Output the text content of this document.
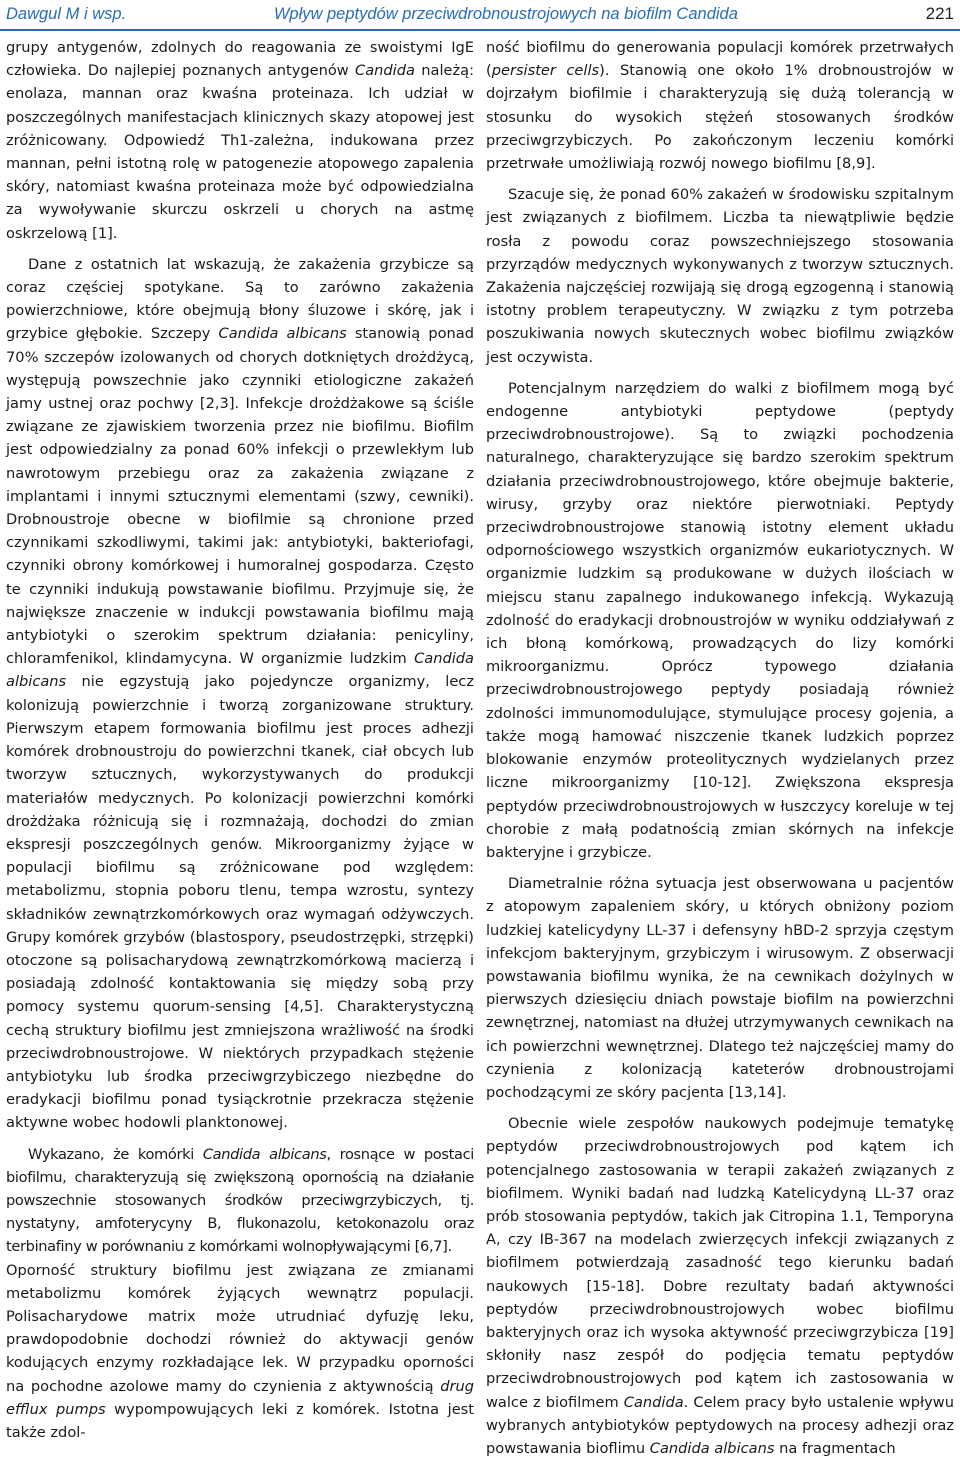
Dawgul M i wsp.	Wpływ peptydów przeciwdrobnoustrojowych na biofilm Candida	221

grupy antygenów, zdolnych do reagowania ze swoistymi IgE człowieka. Do najlepiej poznanych antygenów Candida należą: enolaza, mannan oraz kwaśna proteinaza. Ich udział w poszczególnych manifestacjach klinicznych skazy atopowej jest zróżnicowany. Odpowiedź Th1-zależna, indukowana przez mannan, pełni istotną rolę w patogenezie atopowego zapalenia skóry, natomiast kwaśna proteinaza może być odpowiedzialna za wywoływanie skurczu oskrzeli u chorych na astmę oskrzelową [1].

Dane z ostatnich lat wskazują, że zakażenia grzybicze są coraz częściej spotykane. Są to zarówno zakażenia powierzchniowe, które obejmują błony śluzowe i skórę, jak i grzybice głębokie. Szczepy Candida albicans stanowią ponad 70% szczepów izolowanych od chorych dotkniętych drożdżycą, występują powszechnie jako czynniki etiologiczne zakażeń jamy ustnej oraz pochwy [2,3]. Infekcje drożdżakowe są ściśle związane ze zjawiskiem tworzenia przez nie biofilmu. Biofilm jest odpowiedzialny za ponad 60% infekcji o przewlekłym lub nawrotowym przebiegu oraz za zakażenia związane z implantami i innymi sztucznymi elementami (szwy, cewniki). Drobnoustroje obecne w biofilmie są chronione przed czynnikami szkodliwymi, takimi jak: antybiotyki, bakteriofagi, czynniki obrony komórkowej i humoralnej gospodarza. Często te czynniki indukują powstawanie biofilmu. Przyjmuje się, że największe znaczenie w indukcji powstawania biofilmu mają antybiotyki o szerokim spektrum działania: penicyliny, chloramfenikol, klindamycyna. W organizmie ludzkim Candida albicans nie egzystują jako pojedyncze organizmy, lecz kolonizują powierzchnie i tworzą zorganizowane struktury. Pierwszym etapem formowania biofilmu jest proces adhezji komórek drobnoustroju do powierzchni tkanek, ciał obcych lub tworzyw sztucznych, wykorzystywanych do produkcji materiałów medycznych. Po kolonizacji powierzchni komórki drożdżaka różnicują się i rozmnażają, dochodzi do zmian ekspresji poszczególnych genów. Mikroorganizmy żyjące w populacji biofilmu są zróżnicowane pod względem: metabolizmu, stopnia poboru tlenu, tempa wzrostu, syntezy składników zewnątrzkomórkowych oraz wymagań odżywczych. Grupy komórek grzybów (blastospory, pseudostrzępki, strzępki) otoczone są polisacharydową zewnątrzkomórkową macierzą i posiadają zdolność kontaktowania się między sobą przy pomocy systemu quorum-sensing [4,5]. Charakterystyczną cechą struktury biofilmu jest zmniejszona wrażliwość na środki przeciwdrobnoustrojowe. W niektórych przypadkach stężenie antybiotyku lub środka przeciwgrzybiczego niezbędne do eradykacji biofilmu ponad tysiąckrotnie przekracza stężenie aktywne wobec hodowli planktonowej.

Wykazano, że komórki Candida albicans, rosnące w postaci biofilmu, charakteryzują się zwiększoną opornością na działanie powszechnie stosowanych środków przeciwgrzybiczych, tj. nystatyny, amfoterycyny B, flukonazolu, ketokonazolu oraz terbinafiny w porównaniu z komórkami wolnopływającymi [6,7].

Oporność struktury biofilmu jest związana ze zmianami metabolizmu komórek żyjących wewnątrz populacji. Polisacharydowe matrix może utrudniać dyfuzję leku, prawdopodobnie dochodzi również do aktywacji genów kodujących enzymy rozkładające lek. W przypadku oporności na pochodne azolowe mamy do czynienia z aktywnością drug efflux pumps wypompowujących leki z komórek. Istotna jest także zdol-

ność biofilmu do generowania populacji komórek przetrwałych (persister cells). Stanowią one około 1% drobnoustrojów w dojrzałym biofilmie i charakteryzują się dużą tolerancją w stosunku do wysokich stężeń stosowanych środków przeciwgrzybiczych. Po zakończonym leczeniu komórki przetrwałe umożliwiają rozwój nowego biofilmu [8,9].

Szacuje się, że ponad 60% zakażeń w środowisku szpitalnym jest związanych z biofilmem. Liczba ta niewątpliwie będzie rosła z powodu coraz powszechniejszego stosowania przyrządów medycznych wykonywanych z tworzyw sztucznych. Zakażenia najczęściej rozwijają się drogą egzogenną i stanowią istotny problem terapeutyczny. W związku z tym potrzeba poszukiwania nowych skutecznych wobec biofilmu związków jest oczywista.

Potencjalnym narzędziem do walki z biofilmem mogą być endogenne antybiotyki peptydowe (peptydy przeciwdrobnoustrojowe). Są to związki pochodzenia naturalnego, charakteryzujące się bardzo szerokim spektrum działania przeciwdrobnoustrojowego, które obejmuje bakterie, wirusy, grzyby oraz niektóre pierwotniaki. Peptydy przeciwdrobnoustrojowe stanowią istotny element układu odpornościowego wszystkich organizmów eukariotycznych. W organizmie ludzkim są produkowane w dużych ilościach w miejscu stanu zapalnego indukowanego infekcją. Wykazują zdolność do eradykacji drobnoustrojów w wyniku oddziaływań z ich błoną komórkową, prowadzących do lizy komórki mikroorganizmu. Oprócz typowego działania przeciwdrobnoustrojowego peptydy posiadają również zdolności immunomodulujące, stymulujące procesy gojenia, a także mogą hamować niszczenie tkanek ludzkich poprzez blokowanie enzymów proteolitycznych wydzielanych przez liczne mikroorganizmy [10-12]. Zwiększona ekspresja peptydów przeciwdrobnoustrojowych w łuszczycy koreluje w tej chorobie z małą podatnością zmian skórnych na infekcje bakteryjne i grzybicze.

Diametralnie różna sytuacja jest obserwowana u pacjentów z atopowym zapaleniem skóry, u których obniżony poziom ludzkiej katelicydyny LL-37 i defensyny hBD-2 sprzyja częstym infekcjom bakteryjnym, grzybiczym i wirusowym. Z obserwacji powstawania biofilmu wynika, że na cewnikach dożylnych w pierwszych dziesięciu dniach powstaje biofilm na powierzchni zewnętrznej, natomiast na dłużej utrzymywanych cewnikach na ich powierzchni wewnętrznej. Dlatego też najczęściej mamy do czynienia z kolonizacją kateterów drobnoustrojami pochodzącymi ze skóry pacjenta [13,14].

Obecnie wiele zespołów naukowych podejmuje tematykę peptydów przeciwdrobnoustrojowych pod kątem ich potencjalnego zastosowania w terapii zakażeń związanych z biofilmem. Wyniki badań nad ludzką Katelicydyną LL-37 oraz prób stosowania peptydów, takich jak Citropina 1.1, Temporyna A, czy IB-367 na modelach zwierzęcych infekcji związanych z biofilmem potwierdzają zasadność tego kierunku badań naukowych [15-18]. Dobre rezultaty badań aktywności peptydów przeciwdrobnoustrojowych wobec biofilmu bakteryjnych oraz ich wysoka aktywność przeciwgrzybicza [19] skłoniły nasz zespół do podjęcia tematu peptydów przeciwdrobnoustrojowych pod kątem ich zastosowania w walce z biofilmem Candida. Celem pracy było ustalenie wpływu wybranych antybiotyków peptydowych na procesy adhezji oraz powstawania bioflimu Candida albicans na fragmentach
